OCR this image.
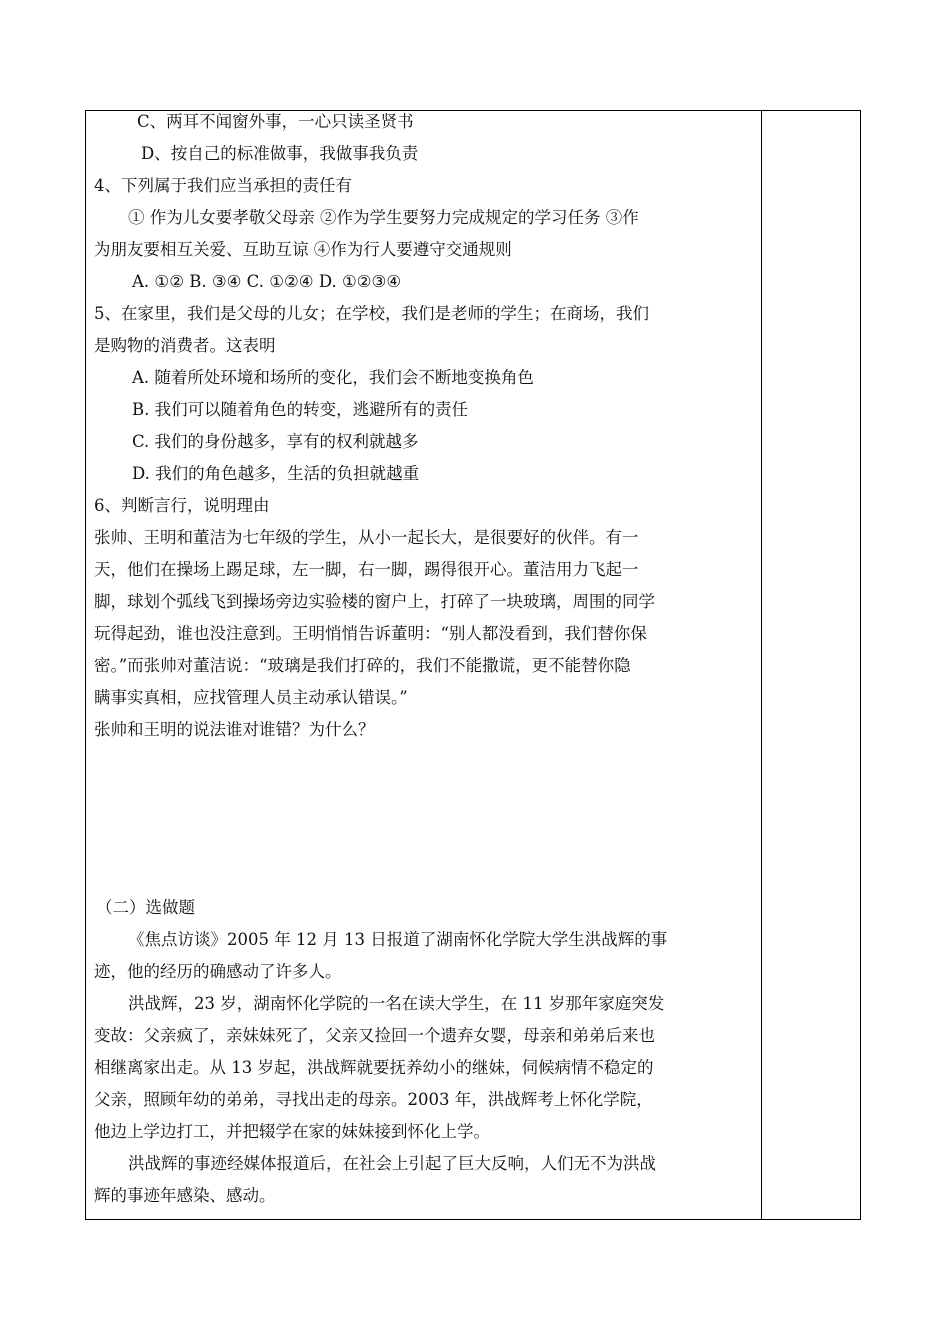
C、两耳不闻窗外事，一心只读圣贤书
D、按自己的标准做事，我做事我负责
4、下列属于我们应当承担的责任有
① 作为儿女要孝敬父母亲 ②作为学生要努力完成规定的学习任务 ③作
为朋友要相互关爱、互助互谅 ④作为行人要遵守交通规则
A. ①② B. ③④ C. ①②④ D. ①②③④
5、在家里，我们是父母的儿女；在学校，我们是老师的学生；在商场，我们
是购物的消费者。这表明
A. 随着所处环境和场所的变化，我们会不断地变换角色
B. 我们可以随着角色的转变，逃避所有的责任
C. 我们的身份越多，享有的权利就越多
D. 我们的角色越多，生活的负担就越重
6、判断言行，说明理由
张帅、王明和董洁为七年级的学生，从小一起长大，是很要好的伙伴。有一
天，他们在操场上踢足球，左一脚，右一脚，踢得很开心。董洁用力飞起一
脚，球划个弧线飞到操场旁边实验楼的窗户上，打碎了一块玻璃，周围的同学
玩得起劲，谁也没注意到。王明悄悄告诉董明：“别人都没看到，我们替你保
密。”而张帅对董洁说：“玻璃是我们打碎的，我们不能撒谎，更不能替你隐
瞒事实真相，应找管理人员主动承认错误。”
张帅和王明的说法谁对谁错？为什么？
（二）选做题
《焦点访谈》2005 年 12 月 13 日报道了湖南怀化学院大学生洪战辉的事
迹，他的经历的确感动了许多人。
洪战辉，23 岁，湖南怀化学院的一名在读大学生，在 11 岁那年家庭突发
变故：父亲疯了，亲妹妹死了，父亲又捡回一个遗弃女婴，母亲和弟弟后来也
相继离家出走。从 13 岁起，洪战辉就要抚养幼小的继妹，伺候病情不稳定的
父亲，照顾年幼的弟弟，寻找出走的母亲。2003 年，洪战辉考上怀化学院，
他边上学边打工，并把辍学在家的妹妹接到怀化上学。
洪战辉的事迹经媒体报道后，在社会上引起了巨大反响，人们无不为洪战
辉的事迹年感染、感动。
